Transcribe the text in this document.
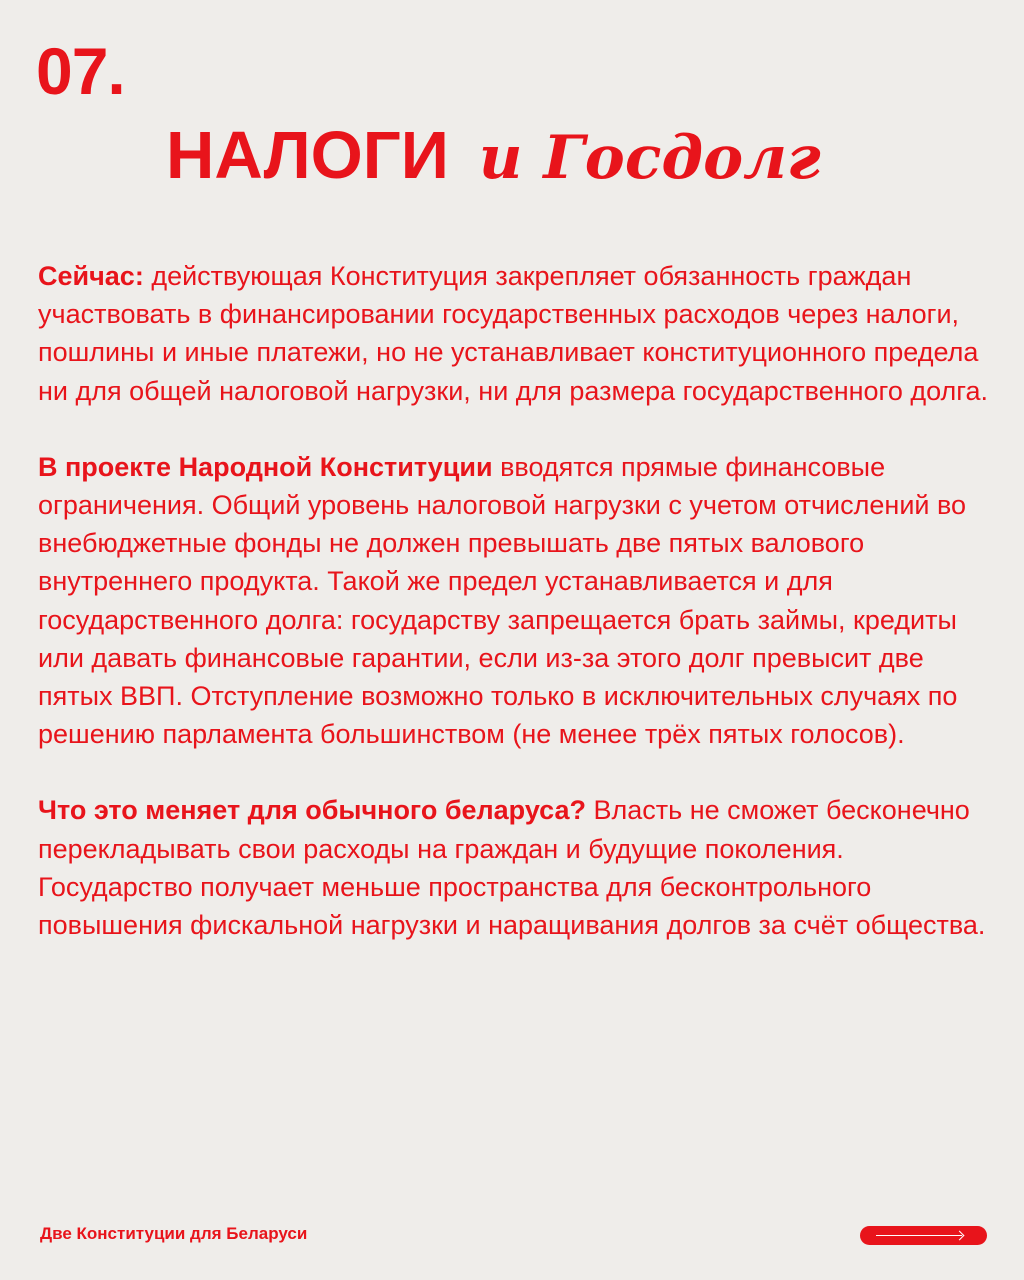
07.
НАЛОГИ и Госдолг

Сейчас: действующая Конституция закрепляет обязанность граждан участвовать в финансировании государственных расходов через налоги, пошлины и иные платежи, но не устанавливает конституционного предела ни для общей налоговой нагрузки, ни для размера государственного долга.

В проекте Народной Конституции вводятся прямые финансовые ограничения. Общий уровень налоговой нагрузки с учетом отчислений во внебюджетные фонды не должен превышать две пятых валового внутреннего продукта. Такой же предел устанавливается и для государственного долга: государству запрещается брать займы, кредиты или давать финансовые гарантии, если из-за этого долг превысит две пятых ВВП. Отступление возможно только в исключительных случаях по решению парламента большинством (не менее трёх пятых голосов).

Что это меняет для обычного беларуса? Власть не сможет бесконечно перекладывать свои расходы на граждан и будущие поколения. Государство получает меньше пространства для бесконтрольного повышения фискальной нагрузки и наращивания долгов за счёт общества.

Две Конституции для Беларуси
